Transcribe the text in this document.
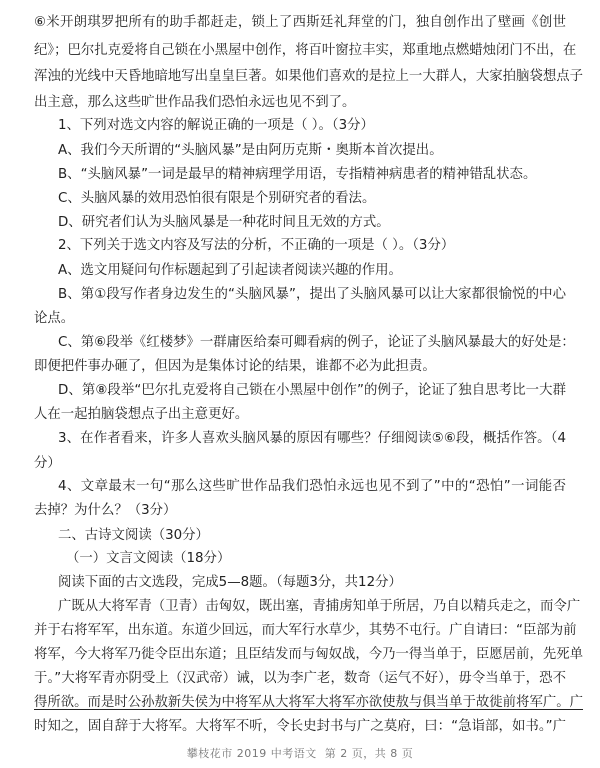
⑥米开朗琪罗把所有的助手都赶走，锁上了西斯廷礼拜堂的门，独自创作出了壁画《创世
纪》；巴尔扎克爱将自己锁在小黑屋中创作，将百叶窗拉丰实，郑重地点燃蜡烛闭门不出，在
浑浊的光线中天昏地暗地写出皇皇巨著。如果他们喜欢的是拉上一大群人，大家拍脑袋想点子
出主意，那么这些旷世作品我们恐怕永远也见不到了。
1、下列对选文内容的解说正确的一项是（ ）。（3分）
A、我们今天所谓的“头脑风暴”是由阿历克斯・奥斯本首次提出。
B、“头脑风暴”一词是最早的精神病理学用语，专指精神病患者的精神错乱状态。
C、头脑风暴的效用恐怕很有限是个别研究者的看法。
D、研究者们认为头脑风暴是一种花时间且无效的方式。
2、下列关于选文内容及写法的分析，不正确的一项是（ ）。（3分）
A、选文用疑问句作标题起到了引起读者阅读兴趣的作用。
B、第①段写作者身边发生的“头脑风暴”，提出了头脑风暴可以让大家都很愉悦的中心
论点。
C、第⑥段举《红楼梦》一群庸医给秦可卿看病的例子，论证了头脑风暴最大的好处是：
即便把件事办砸了，但因为是集体讨论的结果，谁都不必为此担责。
D、第⑧段举“巴尔扎克爱将自己锁在小黑屋中创作”的例子，论证了独自思考比一大群
人在一起拍脑袋想点子出主意更好。
3、在作者看来，许多人喜欢头脑风暴的原因有哪些？仔细阅读⑤⑥段，概括作答。（4
分）
4、文章最末一句“那么这些旷世作品我们恐怕永远也见不到了”中的“恐怕”一词能否
去掉？为什么？（3分）
二、古诗文阅读（30分）
（一）文言文阅读（18分）
阅读下面的古文选段，完成5—8题。（每题3分，共12分）
广既从大将军青（卫青）击匈奴，既出塞，青捕虏知单于所居，乃自以精兵走之，而令广
并于右将军军，出东道。东道少回远，而大军行水草少，其势不屯行。广自请曰：“臣部为前
将军，今大将军乃徙令臣出东道；且臣结发而与匈奴战，今乃一得当单于，臣愿居前，先死单
于。”大将军青亦阴受上（汉武帝）诫，以为李广老，数奇（运气不好），毋令当单于，恐不
得所欲。而是时公孙敖新失侯为中将军从大将军大将军亦欲使敖与俱当单于故徙前将军广。广
时知之，固自辞于大将军。大将军不听，令长史封书与广之莫府，曰：“急诣部，如书。”广
攀枝花市 2019 中考语文 第 2 页，共 8 页
